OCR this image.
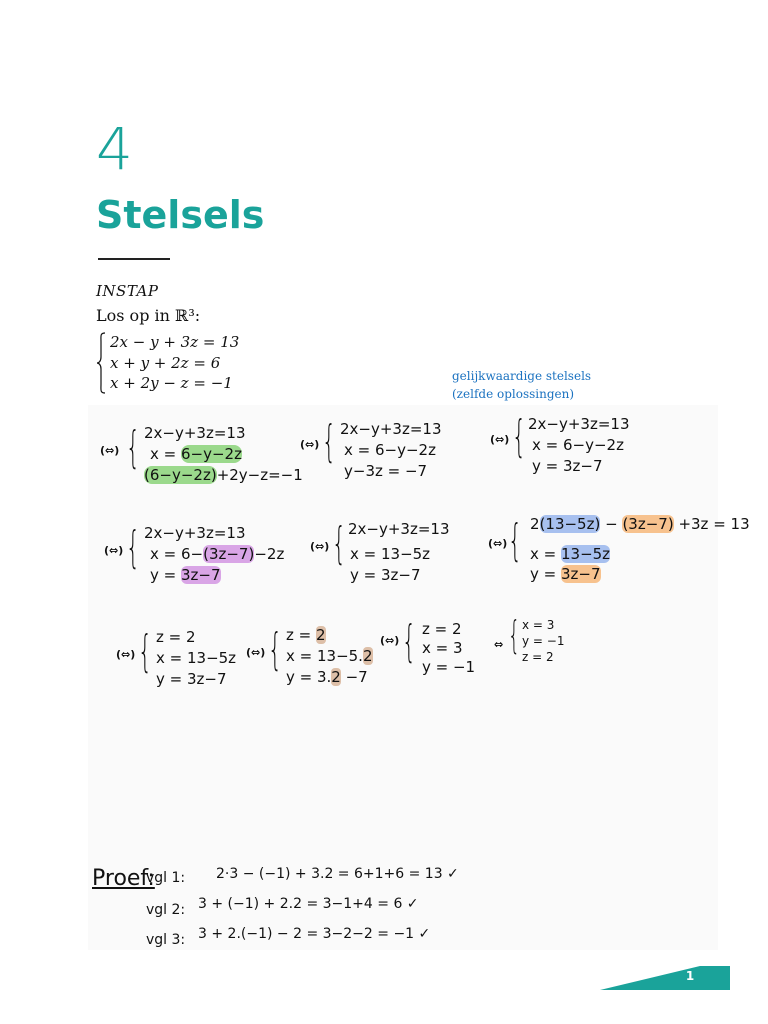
4
Stelsels
INSTAP
Los op in ℝ³:
2x − y + 3z = 13
x + y + 2z = 6
x + 2y − z = −1	gelijkwaardige stelsels
(zelfde oplossingen)
(⇔) { 2x−y+3z=13
x = 6−y−2z
(6−y−2z)+2y−z=−1
(⇔) { 2x−y+3z=13
x = 6−y−2z
y−3z = −7
(⇔) { 2x−y+3z=13
x = 6−y−2z
y = 3z−7
(⇔) { 2x−y+3z=13
x = 6−(3z−7)−2z
y = 3z−7
(⇔) { 2x−y+3z=13
x = 13−5z
y = 3z−7
(⇔) { 2(13−5z) − (3z−7) +3z = 13
x = 13−5z
y = 3z−7
(⇔) { z = 2
x = 13−5z
y = 3z−7
(⇔) { z = 2
x = 13−5.2
y = 3.2 −7
(⇔) { z = 2
x = 3
y = −1
⇔ { x = 3
y = −1
z = 2
Proef:
vgl 1: 2·3 − (−1) + 3.2 = 6+1+6 = 13 ✓
vgl 2: 3 + (−1) + 2.2 = 3−1+4 = 6 ✓
vgl 3: 3 + 2.(−1) − 2 = 3−2−2 = −1 ✓
1
